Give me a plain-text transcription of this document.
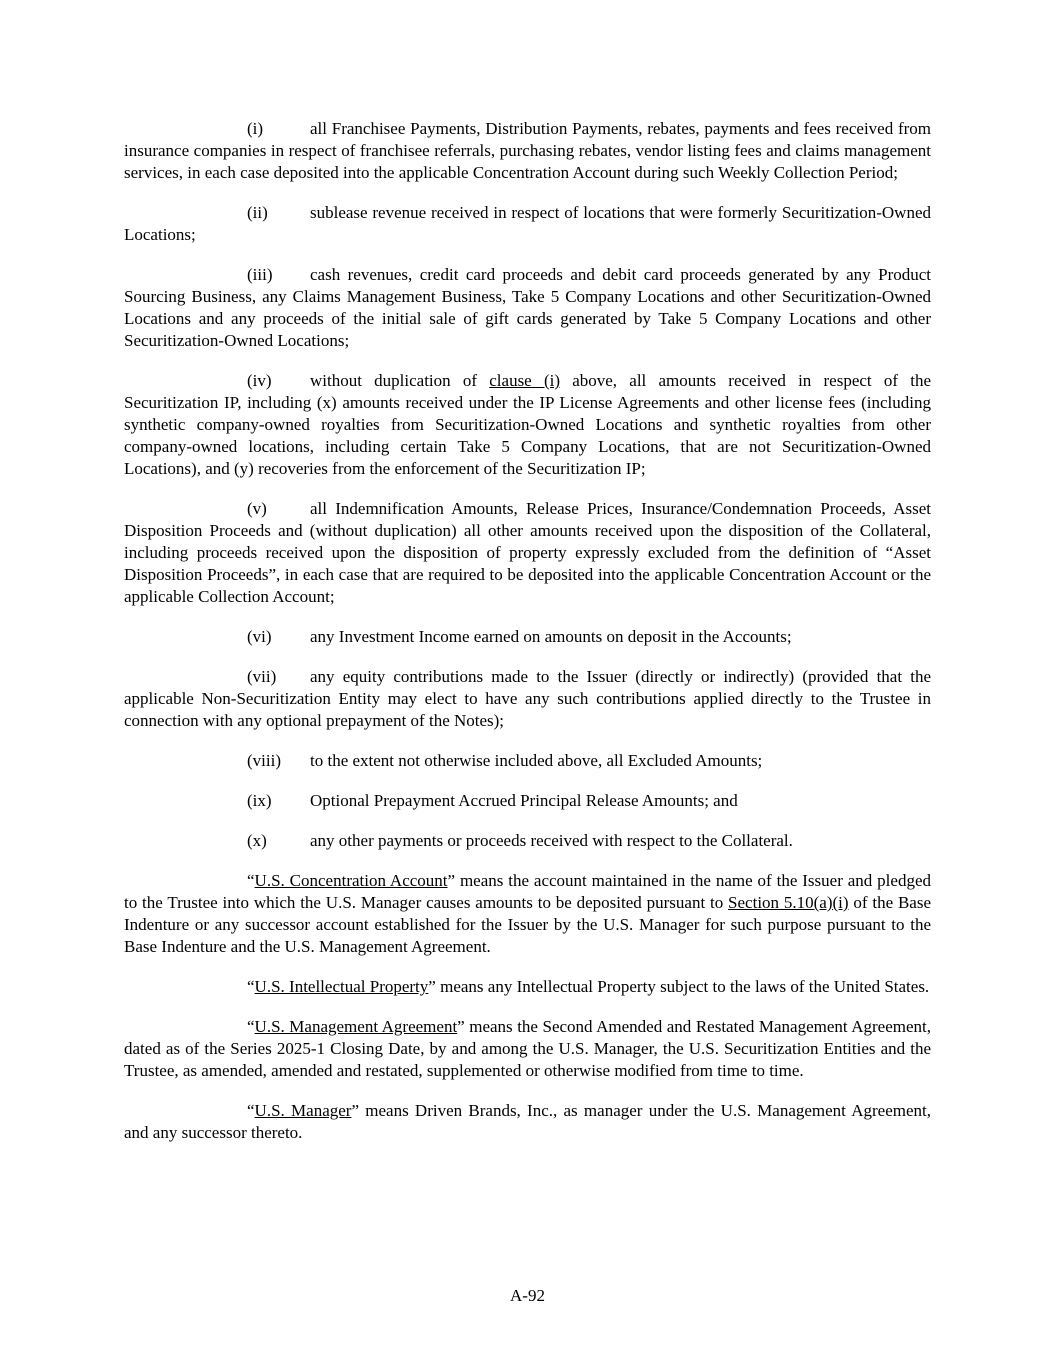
(i)	all Franchisee Payments, Distribution Payments, rebates, payments and fees received from insurance companies in respect of franchisee referrals, purchasing rebates, vendor listing fees and claims management services, in each case deposited into the applicable Concentration Account during such Weekly Collection Period;

(ii) sublease revenue received in respect of locations that were formerly Securitization-Owned Locations;

(iii) cash revenues, credit card proceeds and debit card proceeds generated by any Product Sourcing Business, any Claims Management Business, Take 5 Company Locations and other Securitization-Owned Locations and any proceeds of the initial sale of gift cards generated by Take 5 Company Locations and other Securitization-Owned Locations;

(iv) without duplication of clause (i) above, all amounts received in respect of the Securitization IP, including (x) amounts received under the IP License Agreements and other license fees (including synthetic company-owned royalties from Securitization-Owned Locations and synthetic royalties from other company-owned locations, including certain Take 5 Company Locations, that are not Securitization-Owned Locations), and (y) recoveries from the enforcement of the Securitization IP;

(v)	all Indemnification Amounts, Release Prices, Insurance/Condemnation Proceeds, Asset Disposition Proceeds and (without duplication) all other amounts received upon the disposition of the Collateral, including proceeds received upon the disposition of property expressly excluded from the definition of “Asset Disposition Proceeds”, in each case that are required to be deposited into the applicable Concentration Account or the applicable Collection Account;

(vi) any Investment Income earned on amounts on deposit in the Accounts;

(vii) any equity contributions made to the Issuer (directly or indirectly) (provided that the applicable Non-Securitization Entity may elect to have any such contributions applied directly to the Trustee in connection with any optional prepayment of the Notes);

(viii) to the extent not otherwise included above, all Excluded Amounts;

(ix) Optional Prepayment Accrued Principal Release Amounts; and

(x)	any other payments or proceeds received with respect to the Collateral.

“U.S. Concentration Account” means the account maintained in the name of the Issuer and pledged to the Trustee into which the U.S. Manager causes amounts to be deposited pursuant to Section 5.10(a)(i) of the Base Indenture or any successor account established for the Issuer by the U.S. Manager for such purpose pursuant to the Base Indenture and the U.S. Management Agreement.

“U.S. Intellectual Property” means any Intellectual Property subject to the laws of the United States.

“U.S. Management Agreement” means the Second Amended and Restated Management Agreement, dated as of the Series 2025-1 Closing Date, by and among the U.S. Manager, the U.S. Securitization Entities and the Trustee, as amended, amended and restated, supplemented or otherwise modified from time to time.

“U.S. Manager” means Driven Brands, Inc., as manager under the U.S. Management Agreement, and any successor thereto.

A-92
